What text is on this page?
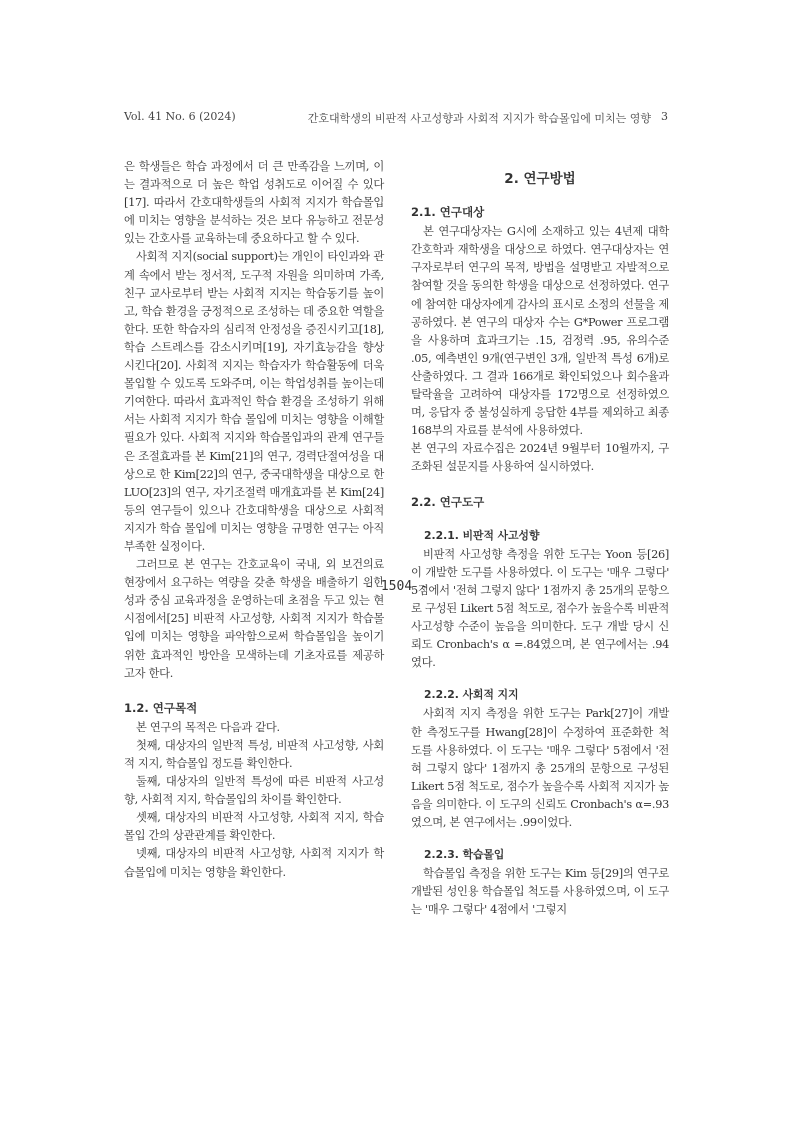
Vol. 41 No. 6 (2024)	간호대학생의 비판적 사고성향과 사회적 지지가 학습몰입에 미치는 영향 3

은 학생들은 학습 과정에서 더 큰 만족감을 느끼며, 이는 결과적으로 더 높은 학업 성취도로 이어질 수 있다[17]. 따라서 간호대학생들의 사회적 지지가 학습몰입에 미치는 영향을 분석하는 것은 보다 유능하고 전문성 있는 간호사를 교육하는데 중요하다고 할 수 있다.

사회적 지지(social support)는 개인이 타인과와 관계 속에서 받는 정서적, 도구적 자원을 의미하며 가족, 친구 교사로부터 받는 사회적 지지는 학습동기를 높이고, 학습 환경을 긍정적으로 조성하는 데 중요한 역할을 한다. 또한 학습자의 심리적 안정성을 증진시키고[18], 학습 스트레스를 감소시키며[19], 자기효능감을 향상시킨다[20]. 사회적 지지는 학습자가 학습활동에 더욱 몰입할 수 있도록 도와주며, 이는 학업성취를 높이는데 기여한다. 따라서 효과적인 학습 환경을 조성하기 위해서는 사회적 지지가 학습 몰입에 미치는 영향을 이해할 필요가 있다. 사회적 지지와 학습몰입과의 관계 연구들은 조절효과를 본 Kim[21]의 연구, 경력단절여성을 대상으로 한 Kim[22]의 연구, 중국대학생을 대상으로 한 LUO[23]의 연구, 자기조절력 매개효과를 본 Kim[24] 등의 연구들이 있으나 간호대학생을 대상으로 사회적 지지가 학습 몰입에 미치는 영향을 규명한 연구는 아직 부족한 실정이다.

그러므로 본 연구는 간호교육이 국내, 외 보건의료 현장에서 요구하는 역량을 갖춘 학생을 배출하기 위한 성과 중심 교육과정을 운영하는데 초점을 두고 있는 현시점에서[25] 비판적 사고성향, 사회적 지지가 학습몰입에 미치는 영향을 파악함으로써 학습몰입을 높이기 위한 효과적인 방안을 모색하는데 기초자료를 제공하고자 한다.

1.2. 연구목적

본 연구의 목적은 다음과 같다.

첫째, 대상자의 일반적 특성, 비판적 사고성향, 사회적 지지, 학습몰입 정도를 확인한다.

둘째, 대상자의 일반적 특성에 따른 비판적 사고성향, 사회적 지지, 학습몰입의 차이를 확인한다.

셋째, 대상자의 비판적 사고성향, 사회적 지지, 학습몰입 간의 상관관계를 확인한다.

넷째, 대상자의 비판적 사고성향, 사회적 지지가 학습몰입에 미치는 영향을 확인한다.

2. 연구방법
2.1. 연구대상

본 연구대상자는 G시에 소재하고 있는 4년제 대학 간호학과 재학생을 대상으로 하였다. 연구대상자는 연구자로부터 연구의 목적, 방법을 설명받고 자발적으로 참여할 것을 동의한 학생을 대상으로 선정하였다. 연구에 참여한 대상자에게 감사의 표시로 소정의 선물을 제공하였다. 본 연구의 대상자 수는 G*Power 프로그램을 사용하며 효과크기는 .15, 검정력 .95, 유의수준 .05, 예측변인 9개(연구변인 3개, 일반적 특성 6개)로 산출하였다. 그 결과 166개로 확인되었으나 회수율과 탈락율을 고려하여 대상자를 172명으로 선정하였으며, 응답자 중 불성실하게 응답한 4부를 제외하고 최종 168부의 자료를 분석에 사용하였다.

본 연구의 자료수집은 2024년 9월부터 10월까지, 구조화된 설문지를 사용하여 실시하였다.

2.2. 연구도구
2.2.1. 비판적 사고성향

비판적 사고성향 측정을 위한 도구는 Yoon 등[26]이 개발한 도구를 사용하였다. 이 도구는 '매우 그렇다' 5점에서 '전혀 그렇지 않다' 1점까지 총 25개의 문항으로 구성된 Likert 5점 척도로, 점수가 높을수록 비판적 사고성향 수준이 높음을 의미한다. 도구 개발 당시 신뢰도 Cronbach's α =.84였으며, 본 연구에서는 .94였다.

2.2.2. 사회적 지지

사회적 지지 측정을 위한 도구는 Park[27]이 개발한 측정도구를 Hwang[28]이 수정하여 표준화한 척도를 사용하였다. 이 도구는 '매우 그렇다' 5점에서 '전혀 그렇지 않다' 1점까지 총 25개의 문항으로 구성된 Likert 5점 척도로, 점수가 높을수록 사회적 지지가 높음을 의미한다. 이 도구의 신뢰도 Cronbach's α=.93였으며, 본 연구에서는 .99이었다.

2.2.3. 학습몰입

학습몰입 측정을 위한 도구는 Kim 등[29]의 연구로 개발된 성인용 학습몰입 척도를 사용하였으며, 이 도구는 '매우 그렇다' 4점에서 '그렇지

- 1504 -
